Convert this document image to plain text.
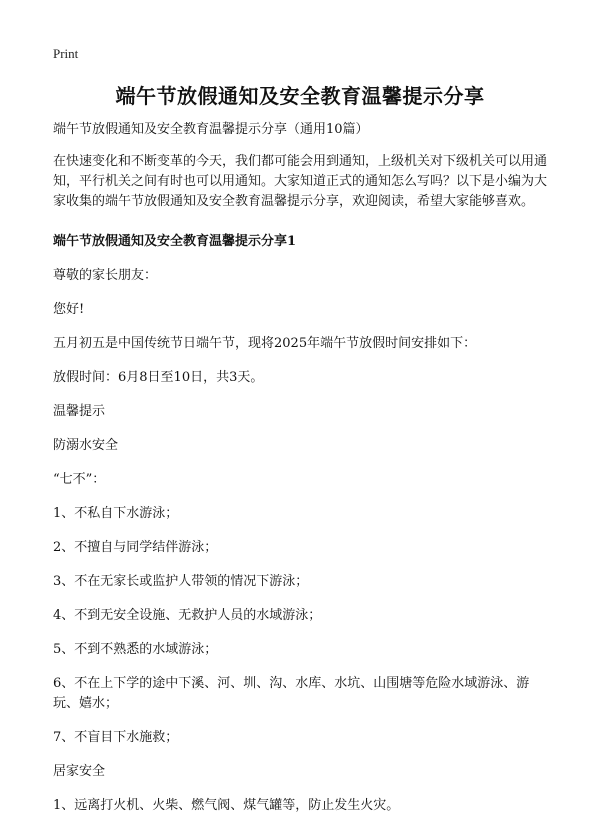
Print
端午节放假通知及安全教育温馨提示分享

端午节放假通知及安全教育温馨提示分享（通用10篇）

在快速变化和不断变革的今天，我们都可能会用到通知，上级机关对下级机关可以用通知，平行机关之间有时也可以用通知。大家知道正式的通知怎么写吗？以下是小编为大家收集的端午节放假通知及安全教育温馨提示分享，欢迎阅读，希望大家能够喜欢。

端午节放假通知及安全教育温馨提示分享1

尊敬的家长朋友：

您好!

五月初五是中国传统节日端午节，现将2025年端午节放假时间安排如下：

放假时间：6月8日至10日，共3天。

温馨提示

防溺水安全

“七不”：

1、不私自下水游泳；

2、不擅自与同学结伴游泳；

3、不在无家长或监护人带领的情况下游泳；

4、不到无安全设施、无救护人员的水域游泳；

5、不到不熟悉的水域游泳；

6、不在上下学的途中下溪、河、圳、沟、水库、水坑、山围塘等危险水域游泳、游玩、嬉水；

7、不盲目下水施救；

居家安全

1、远离打火机、火柴、燃气阀、煤气罐等，防止发生火灾。
